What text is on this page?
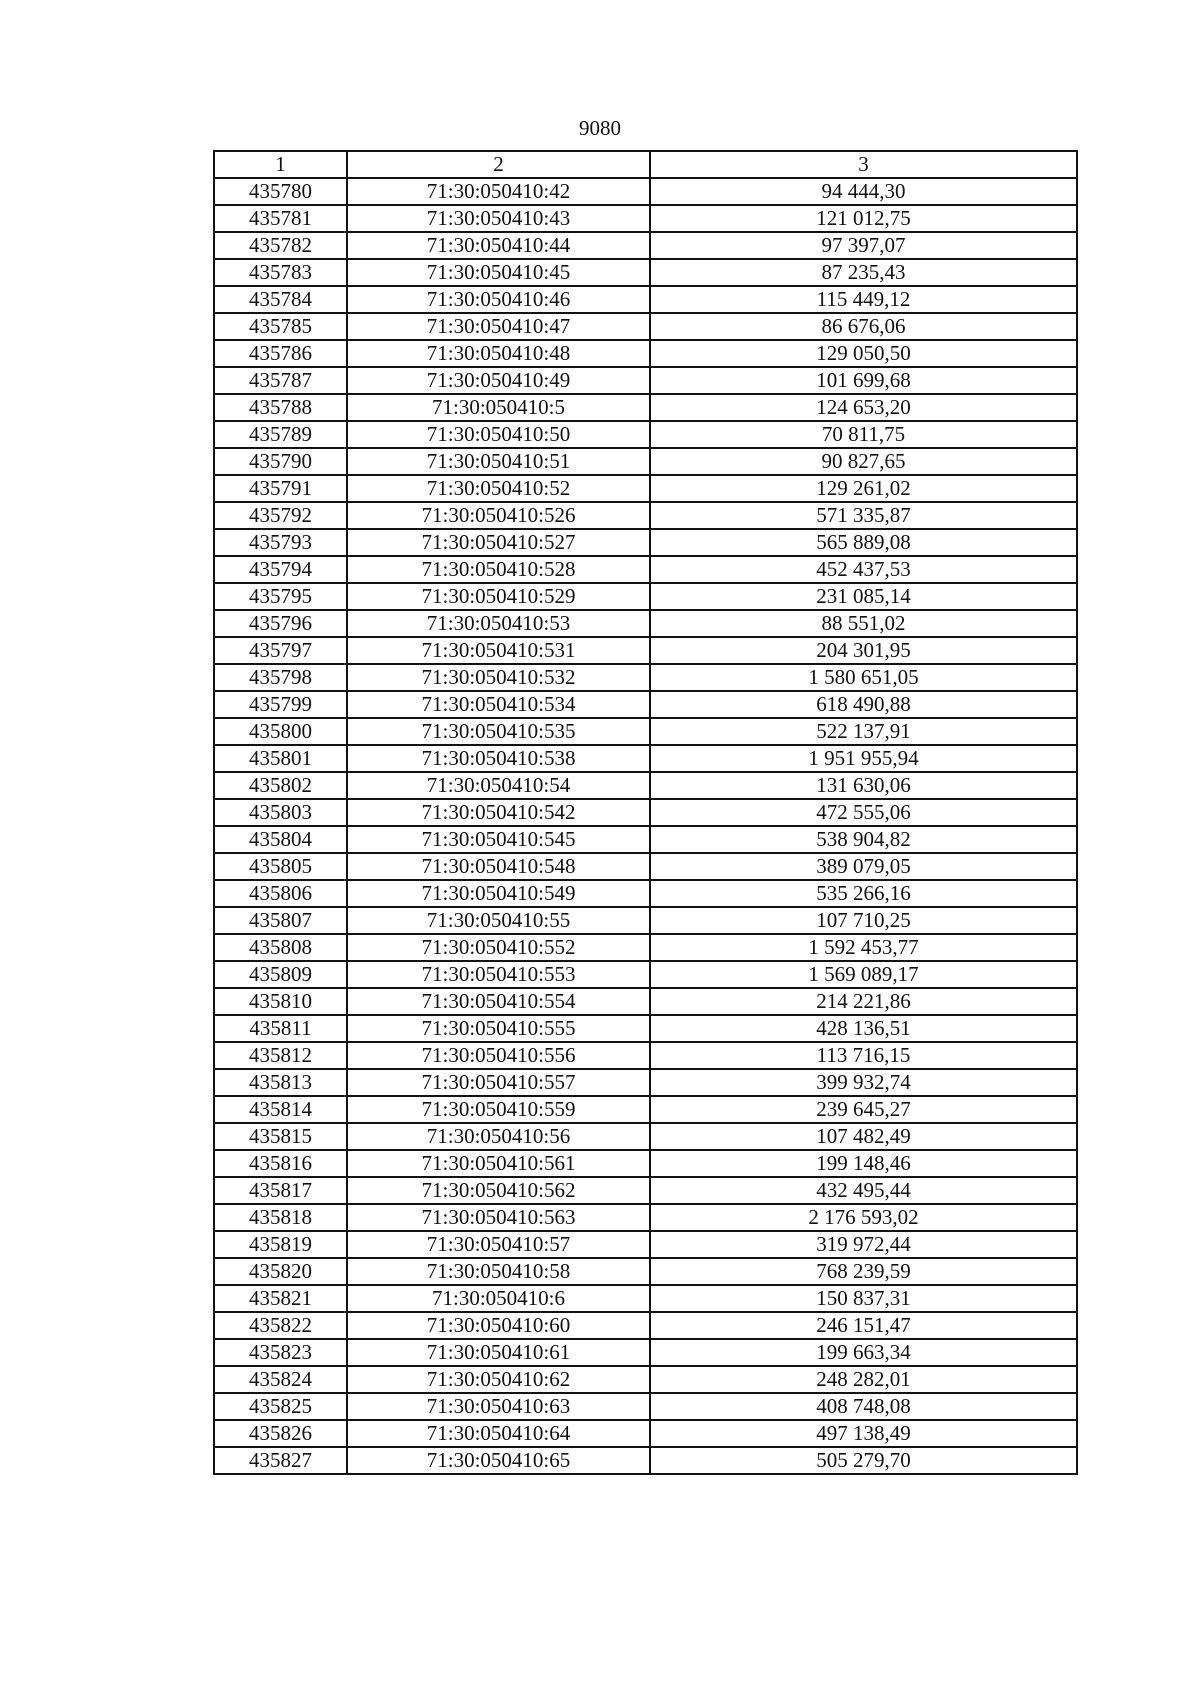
9080
1	2	3
435780	71:30:050410:42	94 444,30
435781	71:30:050410:43	121 012,75
435782	71:30:050410:44	97 397,07
435783	71:30:050410:45	87 235,43
435784	71:30:050410:46	115 449,12
435785	71:30:050410:47	86 676,06
435786	71:30:050410:48	129 050,50
435787	71:30:050410:49	101 699,68
435788	71:30:050410:5	124 653,20
435789	71:30:050410:50	70 811,75
435790	71:30:050410:51	90 827,65
435791	71:30:050410:52	129 261,02
435792	71:30:050410:526	571 335,87
435793	71:30:050410:527	565 889,08
435794	71:30:050410:528	452 437,53
435795	71:30:050410:529	231 085,14
435796	71:30:050410:53	88 551,02
435797	71:30:050410:531	204 301,95
435798	71:30:050410:532	1 580 651,05
435799	71:30:050410:534	618 490,88
435800	71:30:050410:535	522 137,91
435801	71:30:050410:538	1 951 955,94
435802	71:30:050410:54	131 630,06
435803	71:30:050410:542	472 555,06
435804	71:30:050410:545	538 904,82
435805	71:30:050410:548	389 079,05
435806	71:30:050410:549	535 266,16
435807	71:30:050410:55	107 710,25
435808	71:30:050410:552	1 592 453,77
435809	71:30:050410:553	1 569 089,17
435810	71:30:050410:554	214 221,86
435811	71:30:050410:555	428 136,51
435812	71:30:050410:556	113 716,15
435813	71:30:050410:557	399 932,74
435814	71:30:050410:559	239 645,27
435815	71:30:050410:56	107 482,49
435816	71:30:050410:561	199 148,46
435817	71:30:050410:562	432 495,44
435818	71:30:050410:563	2 176 593,02
435819	71:30:050410:57	319 972,44
435820	71:30:050410:58	768 239,59
435821	71:30:050410:6	150 837,31
435822	71:30:050410:60	246 151,47
435823	71:30:050410:61	199 663,34
435824	71:30:050410:62	248 282,01
435825	71:30:050410:63	408 748,08
435826	71:30:050410:64	497 138,49
435827	71:30:050410:65	505 279,70
